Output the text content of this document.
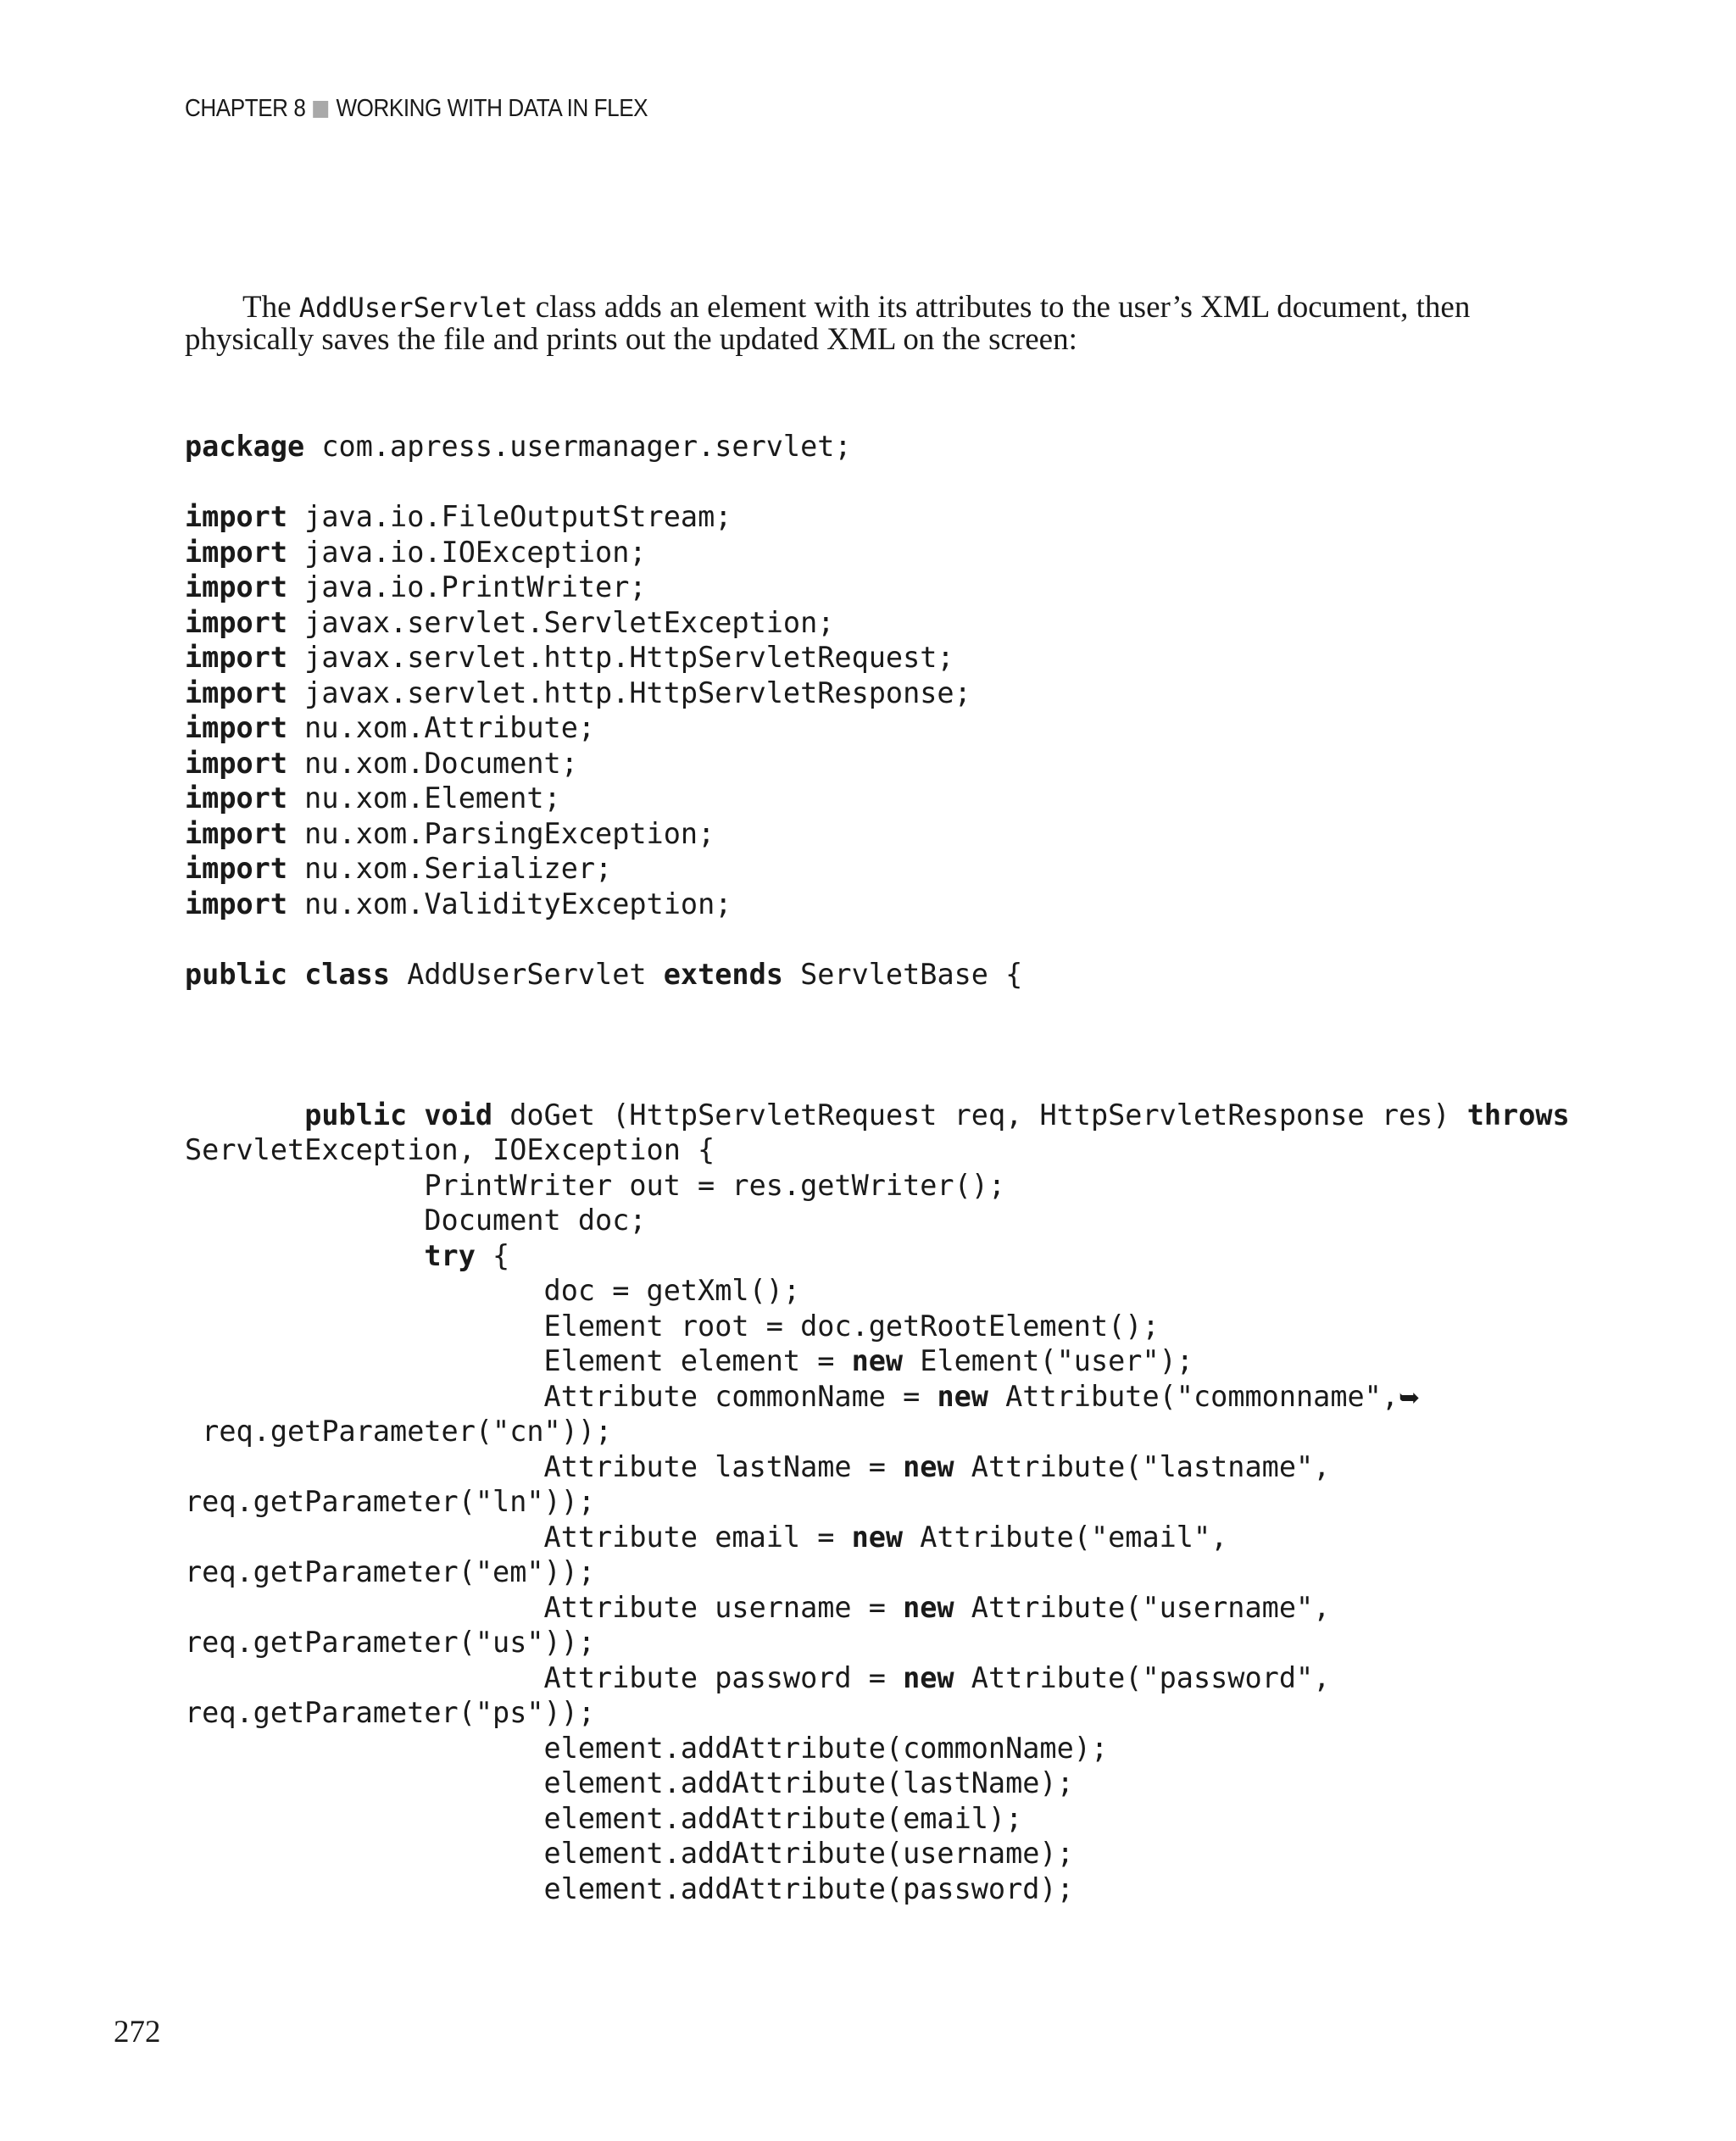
CHAPTER 8 WORKING WITH DATA IN FLEX

The AddUserServlet class adds an element with its attributes to the user’s XML document, then
physically saves the file and prints out the updated XML on the screen:

package com.apress.usermanager.servlet;
import java.io.FileOutputStream;
import java.io.IOException;
import java.io.PrintWriter;
import javax.servlet.ServletException;
import javax.servlet.http.HttpServletRequest;
import javax.servlet.http.HttpServletResponse;
import nu.xom.Attribute;
import nu.xom.Document;
import nu.xom.Element;
import nu.xom.ParsingException;
import nu.xom.Serializer;
import nu.xom.ValidityException;
public class AddUserServlet extends ServletBase {
public void doGet (HttpServletRequest req, HttpServletResponse res) throws
ServletException, IOException {
PrintWriter out = res.getWriter();
Document doc;
try {
doc = getXml();
Element root = doc.getRootElement();
Element element = new Element("user");
Attribute commonName = new Attribute("commonname",➥
req.getParameter("cn"));
Attribute lastName = new Attribute("lastname",
req.getParameter("ln"));
Attribute email = new Attribute("email",
req.getParameter("em"));
Attribute username = new Attribute("username",
req.getParameter("us"));
Attribute password = new Attribute("password",
req.getParameter("ps"));
element.addAttribute(commonName);
element.addAttribute(lastName);
element.addAttribute(email);
element.addAttribute(username);
element.addAttribute(password);
272
